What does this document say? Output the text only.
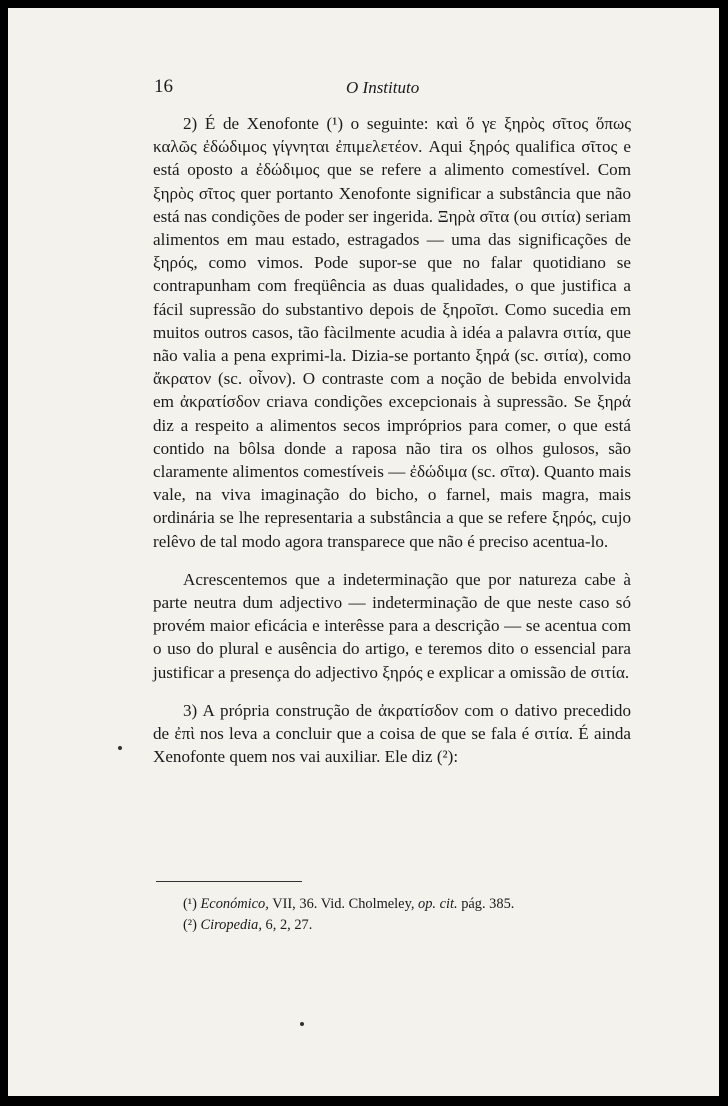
16	O Instituto

2) É de Xenofonte (¹) o seguinte: καὶ ὅ γε ξηρὸς σῖτος ὅπως καλῶς ἐδώδιμος γίγνηται ἐπιμελετέον. Aqui ξηρός qualifica σῖτος e está oposto a ἐδώδιμος que se refere a alimento comestível. Com ξηρὸς σῖτος quer portanto Xenofonte significar a substância que não está nas condições de poder ser ingerida. Ξηρὰ σῖτα (ou σιτία) seriam alimentos em mau estado, estragados — uma das significações de ξηρός, como vimos. Pode supor-se que no falar quotidiano se contrapunham com freqüência as duas qualidades, o que justifica a fácil supressão do substantivo depois de ξηροῖσι. Como sucedia em muitos outros casos, tão fàcilmente acudia à idéa a palavra σιτία, que não valia a pena exprimi-la. Dizia-se portanto ξηρά (sc. σιτία), como ἄκρατον (sc. οἶνον). O contraste com a noção de bebida envolvida em ἀκρατίσδον criava condições excepcionais à supressão. Se ξηρά diz a respeito a alimentos secos impróprios para comer, o que está contido na bôlsa donde a raposa não tira os olhos gulosos, são claramente alimentos comestíveis — ἐδώδιμα (sc. σῖτα). Quanto mais vale, na viva imaginação do bicho, o farnel, mais magra, mais ordinária se lhe representaria a substância a que se refere ξηρός, cujo relêvo de tal modo agora transparece que não é preciso acentua-lo.

Acrescentemos que a indeterminação que por natureza cabe à parte neutra dum adjectivo — indeterminação de que neste caso só provém maior eficácia e interêsse para a descrição — se acentua com o uso do plural e ausência do artigo, e teremos dito o essencial para justificar a presença do adjectivo ξηρός e explicar a omissão de σιτία.

3) A própria construção de ἀκρατίσδον com o dativo precedido de ἐπὶ nos leva a concluir que a coisa de que se fala é σιτία. É ainda Xenofonte quem nos vai auxiliar. Ele diz (²):

(¹) Económico, VII, 36. Vid. Cholmeley, op. cit. pág. 385.
(²) Ciropedia, 6, 2, 27.
